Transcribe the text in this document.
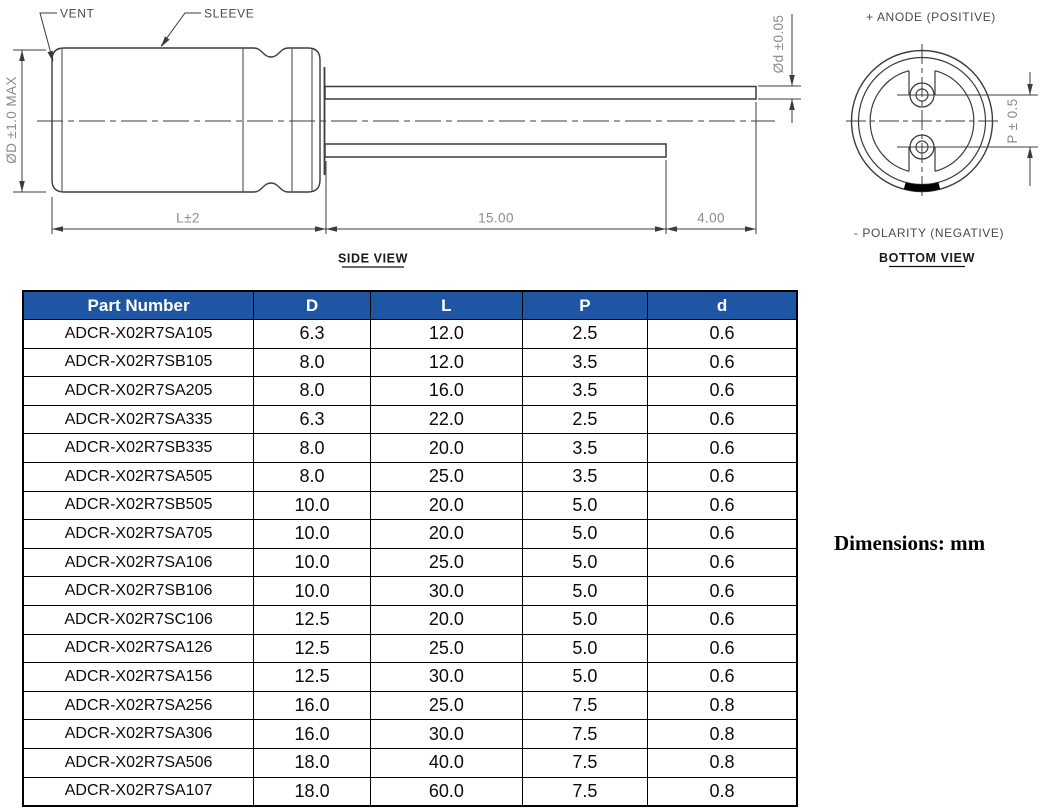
VENT	SLEEVE
ØD ±1.0 MAX
L±2	15.00	4.00
Ød ±0.05
SIDE VIEW
+ ANODE (POSITIVE)
P ± 0.5
- POLARITY (NEGATIVE)
BOTTOM VIEW
Part Number	D	L	P	d
ADCR-X02R7SA105	6.3	12.0	2.5	0.6
ADCR-X02R7SB105	8.0	12.0	3.5	0.6
ADCR-X02R7SA205	8.0	16.0	3.5	0.6
ADCR-X02R7SA335	6.3	22.0	2.5	0.6
ADCR-X02R7SB335	8.0	20.0	3.5	0.6
ADCR-X02R7SA505	8.0	25.0	3.5	0.6
ADCR-X02R7SB505	10.0	20.0	5.0	0.6
ADCR-X02R7SA705	10.0	20.0	5.0	0.6
ADCR-X02R7SA106	10.0	25.0	5.0	0.6
ADCR-X02R7SB106	10.0	30.0	5.0	0.6
ADCR-X02R7SC106	12.5	20.0	5.0	0.6
ADCR-X02R7SA126	12.5	25.0	5.0	0.6
ADCR-X02R7SA156	12.5	30.0	5.0	0.6
ADCR-X02R7SA256	16.0	25.0	7.5	0.8
ADCR-X02R7SA306	16.0	30.0	7.5	0.8
ADCR-X02R7SA506	18.0	40.0	7.5	0.8
ADCR-X02R7SA107	18.0	60.0	7.5	0.8
Dimensions: mm
